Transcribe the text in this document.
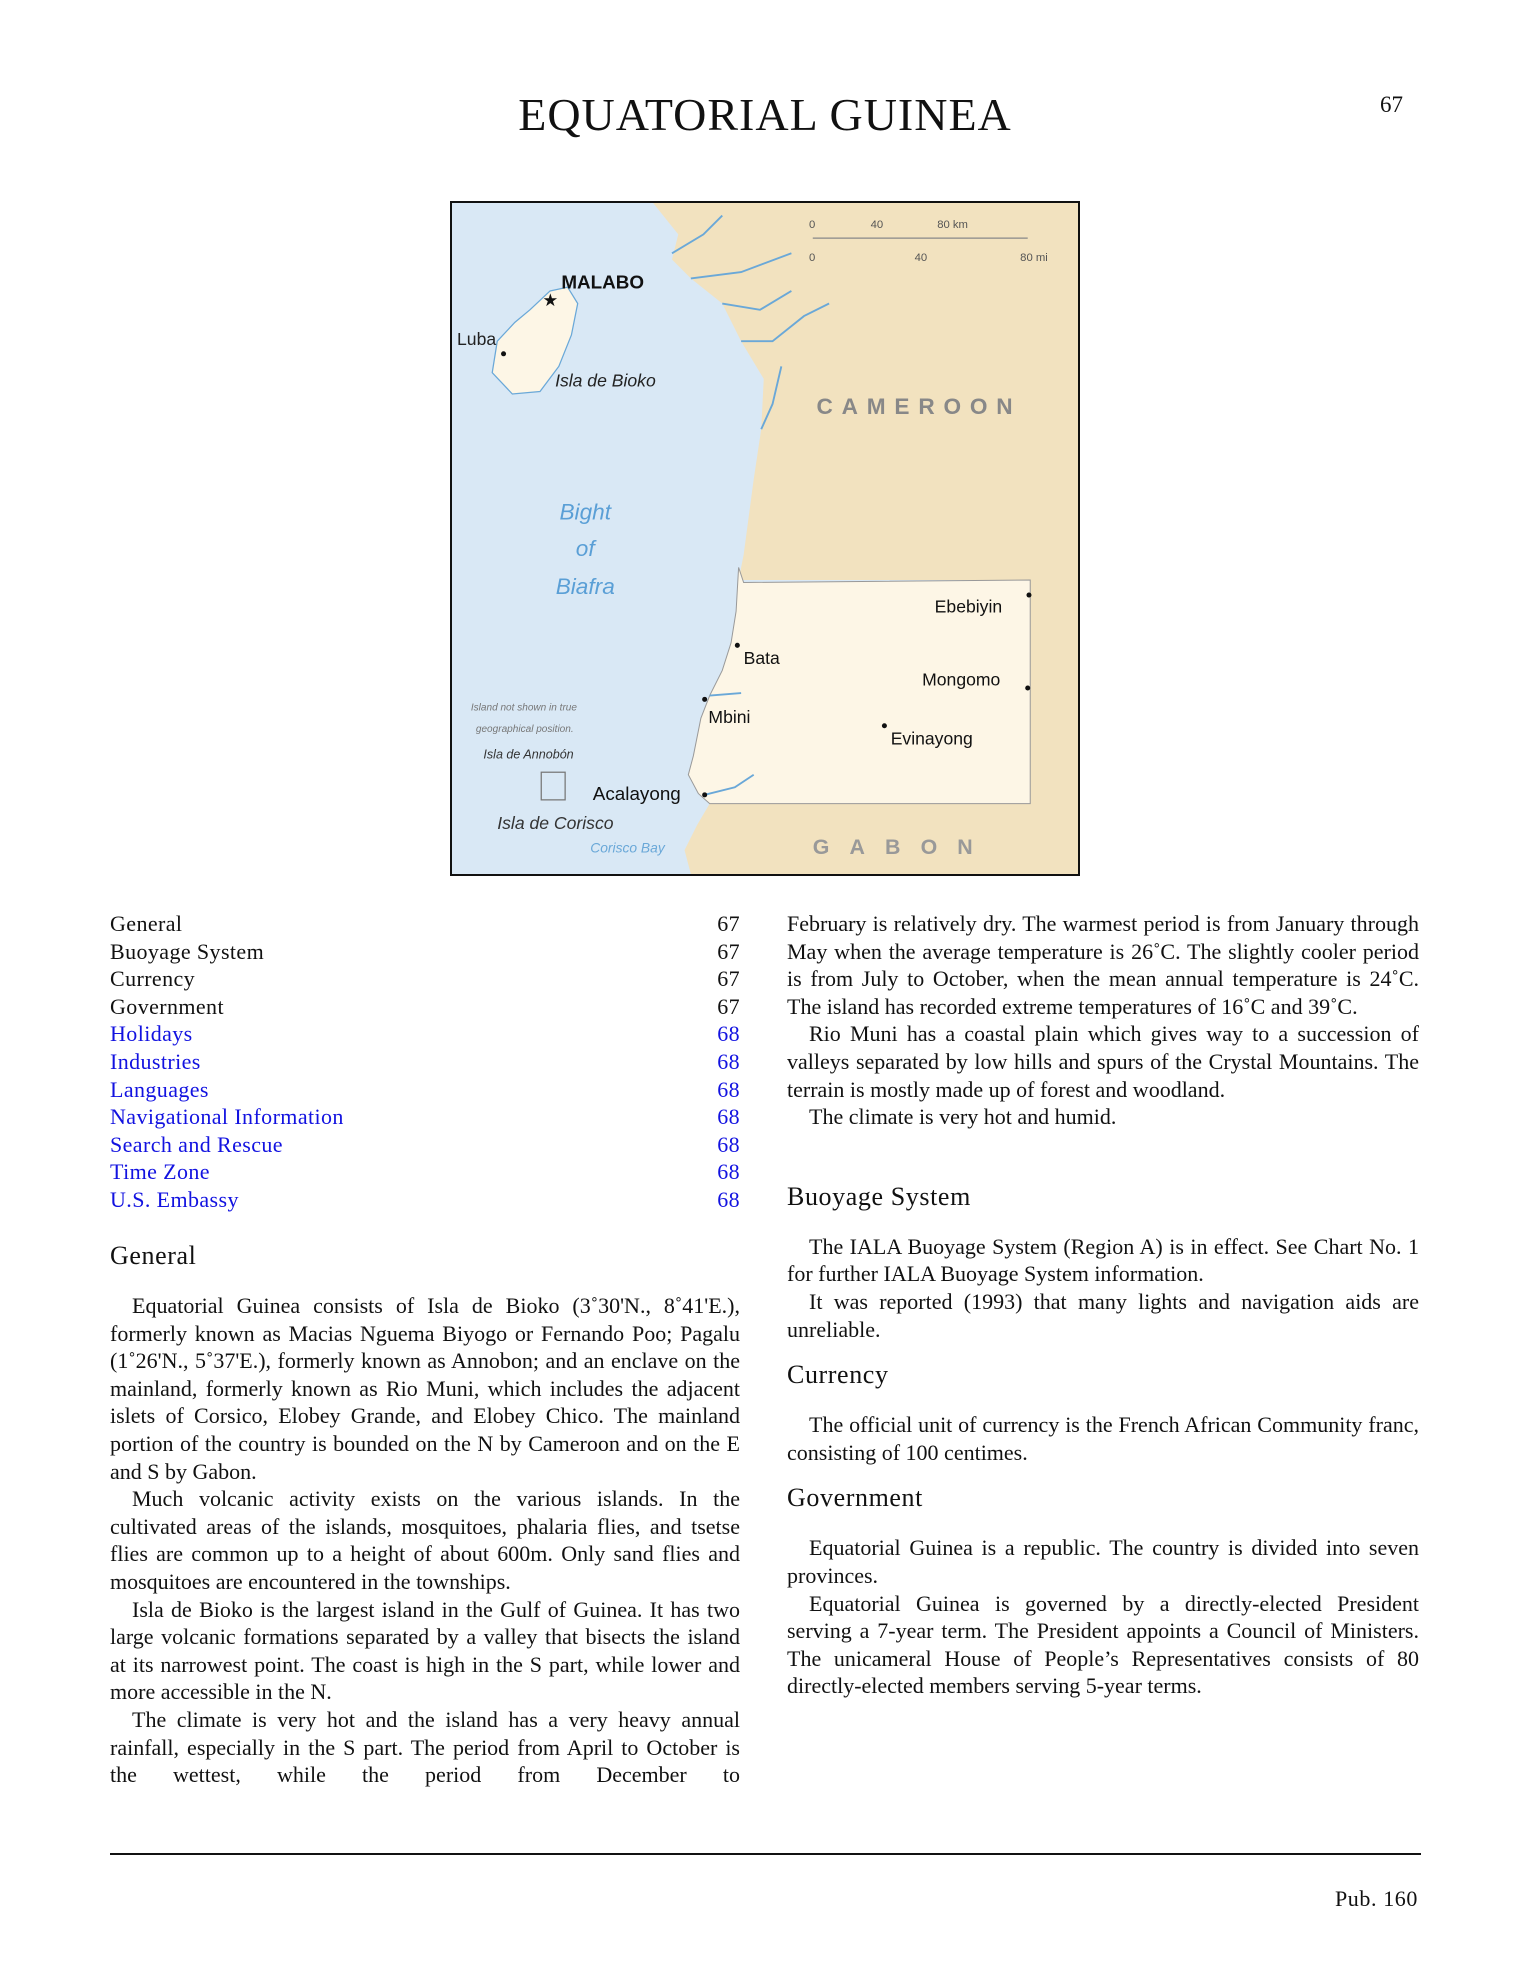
EQUATORIAL GUINEA	67
0	40	80 km
0	40	80 mi
★
MALABO
Luba
Isla de Bioko
CAMEROON
Bight
of
Biafra
Ebebiyin
Bata
Mongomo
Mbini
Evinayong
Acalayong
Island not shown in true
geographical position.
Isla de Annobón
Isla de Corisco
Corisco Bay	GABON
General	67
Buoyage System	67
Currency	67
Government	67
Holidays	68
Industries	68
Languages	68
Navigational Information	68
Search and Rescue	68
Time Zone	68
U.S. Embassy	68
General

Equatorial Guinea consists of Isla de Bioko (3˚30'N., 8˚41'E.), formerly known as Macias Nguema Biyogo or Fernando Poo; Pagalu (1˚26'N., 5˚37'E.), formerly known as Annobon; and an enclave on the mainland, formerly known as Rio Muni, which includes the adjacent islets of Corsico, Elobey Grande, and Elobey Chico. The mainland portion of the country is bounded on the N by Cameroon and on the E and S by Gabon.

Much volcanic activity exists on the various islands. In the cultivated areas of the islands, mosquitoes, phalaria flies, and tsetse flies are common up to a height of about 600m. Only sand flies and mosquitoes are encountered in the townships.

Isla de Bioko is the largest island in the Gulf of Guinea. It has two large volcanic formations separated by a valley that bisects the island at its narrowest point. The coast is high in the S part, while lower and more accessible in the N.

The climate is very hot and the island has a very heavy annual rainfall, especially in the S part. The period from April to October is the wettest, while the period from December to

February is relatively dry. The warmest period is from January through May when the average temperature is 26˚C. The slightly cooler period is from July to October, when the mean annual temperature is 24˚C. The island has recorded extreme temperatures of 16˚C and 39˚C.

Rio Muni has a coastal plain which gives way to a succession of valleys separated by low hills and spurs of the Crystal Mountains. The terrain is mostly made up of forest and woodland.

The climate is very hot and humid.

Buoyage System

The IALA Buoyage System (Region A) is in effect. See Chart No. 1 for further IALA Buoyage System information.

It was reported (1993) that many lights and navigation aids are unreliable.

Currency

The official unit of currency is the French African Community franc, consisting of 100 centimes.

Government

Equatorial Guinea is a republic. The country is divided into seven provinces.

Equatorial Guinea is governed by a directly-elected President serving a 7-year term. The President appoints a Council of Ministers. The unicameral House of People’s Representatives consists of 80 directly-elected members serving 5-year terms.

Pub. 160
